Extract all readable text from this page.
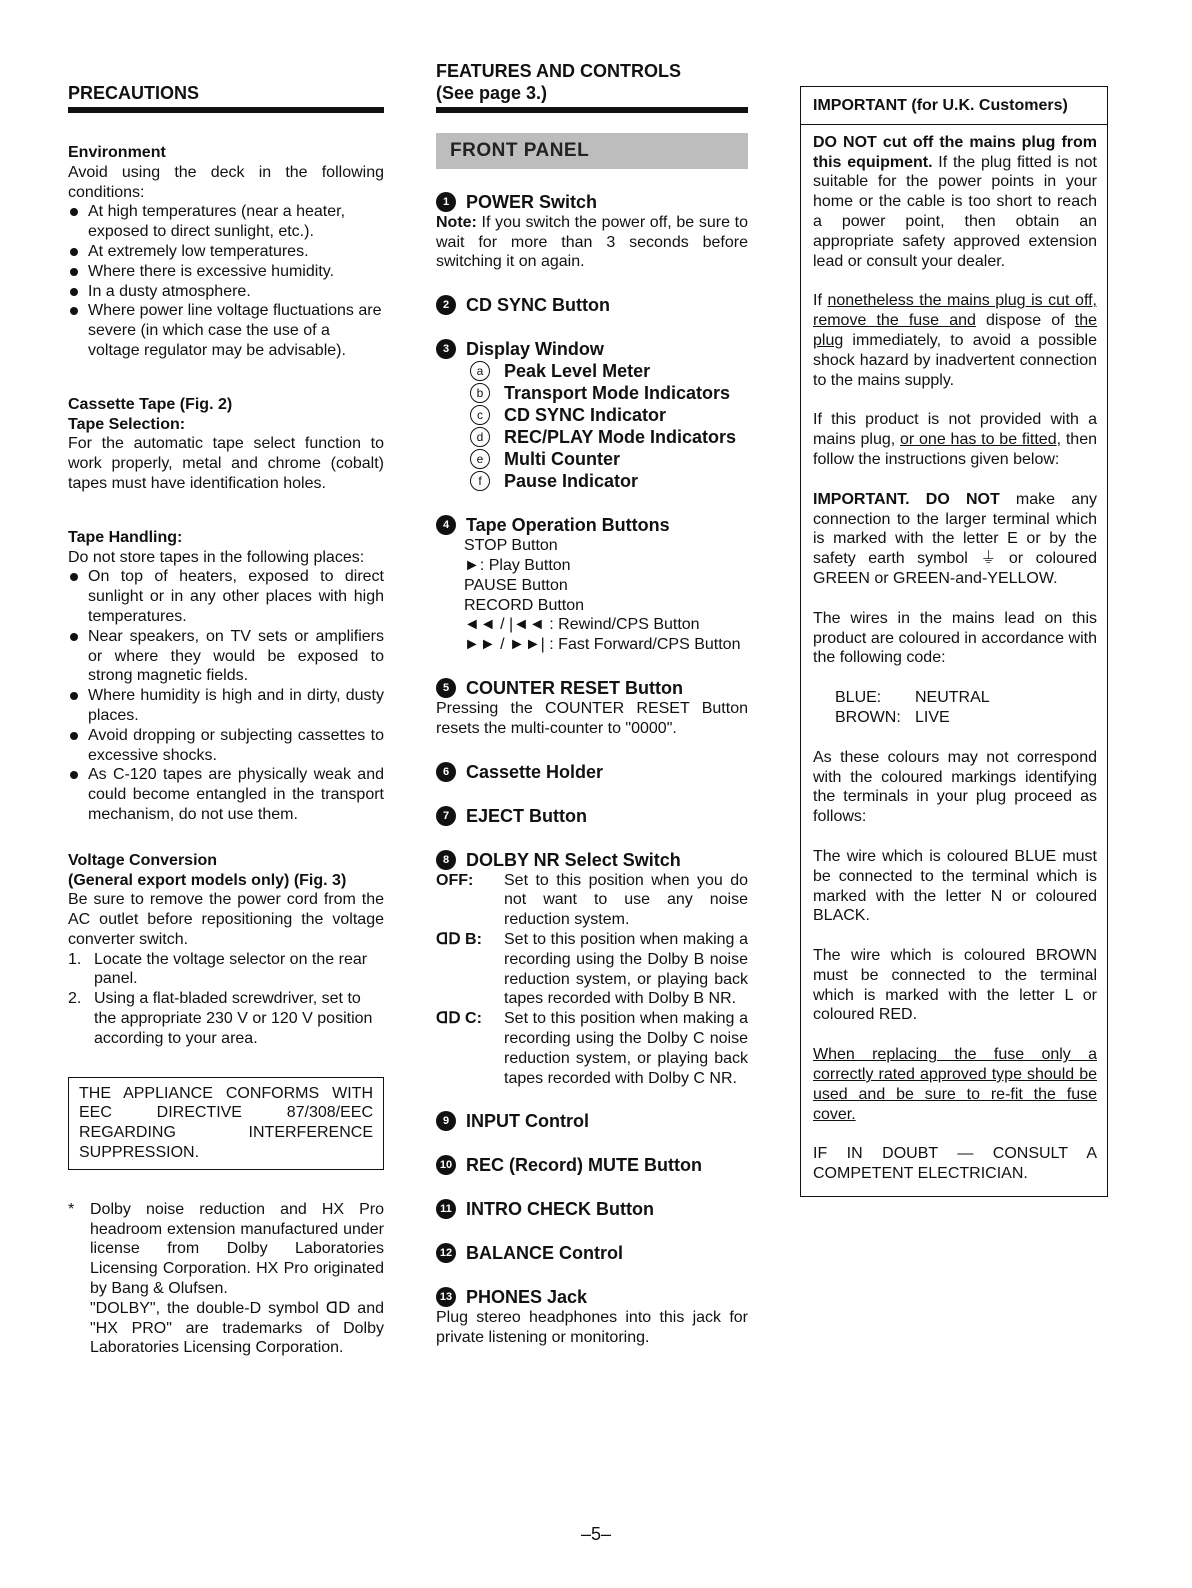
PRECAUTIONS

Environment

Avoid using the deck in the following conditions:

At high temperatures (near a heater, exposed to direct sunlight, etc.).
At extremely low temperatures.
Where there is excessive humidity.
In a dusty atmosphere.
Where power line voltage fluctuations are severe (in which case the use of a voltage regulator may be advisable).

Cassette Tape (Fig. 2)

Tape Selection:

For the automatic tape select function to work properly, metal and chrome (cobalt) tapes must have identification holes.

Tape Handling:

Do not store tapes in the following places:

On top of heaters, exposed to direct sunlight or in any other places with high temperatures.
Near speakers, on TV sets or amplifiers or where they would be exposed to strong magnetic fields.
Where humidity is high and in dirty, dusty places.
Avoid dropping or subjecting cassettes to excessive shocks.
As C-120 tapes are physically weak and could become entangled in the transport mechanism, do not use them.

Voltage Conversion

(General export models only) (Fig. 3)

Be sure to remove the power cord from the AC outlet before repositioning the voltage converter switch.

1. Locate the voltage selector on the rear panel.
2. Using a flat-bladed screwdriver, set to the appropriate 230 V or 120 V position according to your area.
THE APPLIANCE CONFORMS WITH EEC DIRECTIVE 87/308/EEC REGARDING INTERFERENCE SUPPRESSION.
* Dolby noise reduction and HX Pro headroom extension manufactured under license from Dolby Laboratories Licensing Corporation. HX Pro originated by Bang & Olufsen.

"DOLBY", the double-D symbol ᗡᗞ and "HX PRO" are trademarks of Dolby Laboratories Licensing Corporation.

FEATURES AND CONTROLS
(See page 3.)
FRONT PANEL
1 POWER Switch

Note: If you switch the power off, be sure to wait for more than 3 seconds before switching it on again.

2 CD SYNC Button
3 Display Window
a	Peak Level Meter
b	Transport Mode Indicators
c	CD SYNC Indicator
d	REC/PLAY Mode Indicators
e	Multi Counter
f	Pause Indicator
4 Tape Operation Buttons

STOP Button

►: Play Button

PAUSE Button

RECORD Button

◄◄ / |◄◄ : Rewind/CPS Button

►► / ►►| : Fast Forward/CPS Button

5 COUNTER RESET Button

Pressing the COUNTER RESET Button resets the multi-counter to "0000".

6 Cassette Holder
7 EJECT Button
8 DOLBY NR Select Switch
OFF:	Set to this position when you do not want to use any noise reduction system.
ᗡᗞ B:	Set to this position when making a recording using the Dolby B noise reduction system, or playing back tapes recorded with Dolby B NR.
ᗡᗞ C:	Set to this position when making a recording using the Dolby C noise reduction system, or playing back tapes recorded with Dolby C NR.
9 INPUT Control
10 REC (Record) MUTE Button
11 INTRO CHECK Button
12 BALANCE Control
13 PHONES Jack

Plug stereo headphones into this jack for private listening or monitoring.

IMPORTANT (for U.K. Customers)

DO NOT cut off the mains plug from this equipment. If the plug fitted is not suitable for the power points in your home or the cable is too short to reach a power point, then obtain an appropriate safety approved extension lead or consult your dealer.

If nonetheless the mains plug is cut off, remove the fuse and dispose of the plug immediately, to avoid a possible shock hazard by inadvertent connection to the mains supply.

If this product is not provided with a mains plug, or one has to be fitted, then follow the instructions given below:

IMPORTANT. DO NOT make any connection to the larger terminal which is marked with the letter E or by the safety earth symbol ⏚ or coloured GREEN or GREEN-and-YELLOW.

The wires in the mains lead on this product are coloured in accordance with the following code:

BLUE:	NEUTRAL
BROWN: LIVE

As these colours may not correspond with the coloured markings identifying the terminals in your plug proceed as follows:

The wire which is coloured BLUE must be connected to the terminal which is marked with the letter N or coloured BLACK.

The wire which is coloured BROWN must be connected to the terminal which is marked with the letter L or coloured RED.

When replacing the fuse only a correctly rated approved type should be used and be sure to re-fit the fuse cover.

IF IN DOUBT — CONSULT A COMPETENT ELECTRICIAN.

–5–
